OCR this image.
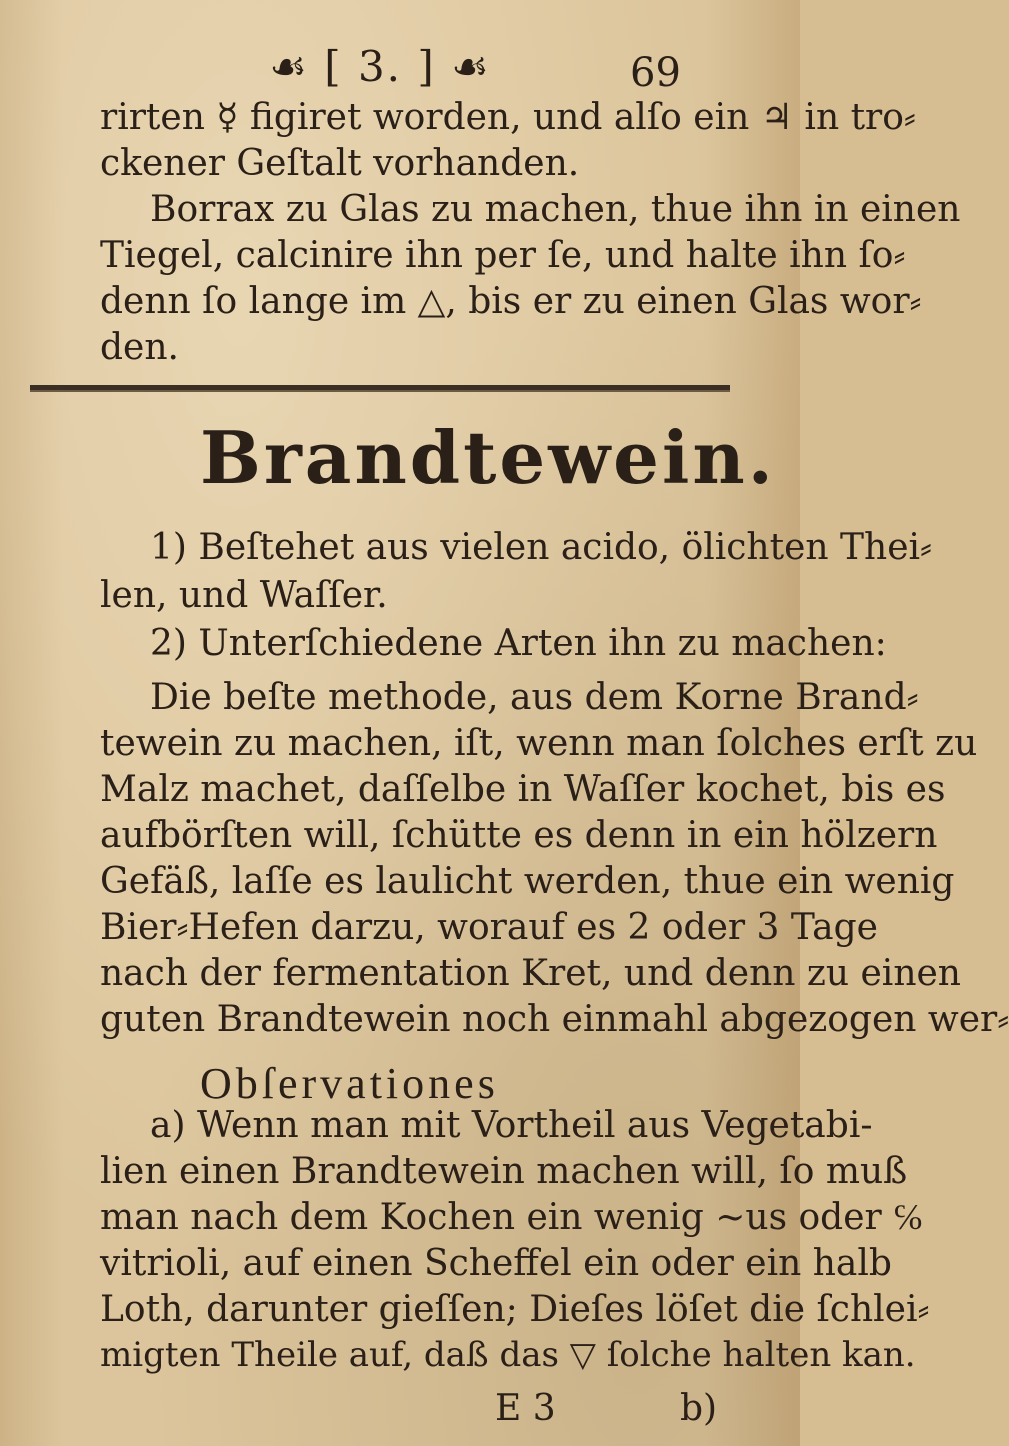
☙ [ 3. ] ☙	69
rirten ☿ figiret worden, und alſo ein ♃ in tro⸗
ckener Geſtalt vorhanden.
Borrax zu Glas zu machen, thue ihn in einen
Tiegel, calcinire ihn per ſe, und halte ihn ſo⸗
denn ſo lange im △, bis er zu einen Glas wor⸗
den.
Brandtewein.
1) Beſtehet aus vielen acido, ölichten Thei⸗
len, und Waſſer.
2) Unterſchiedene Arten ihn zu machen:
Die beſte methode, aus dem Korne Brand⸗
tewein zu machen, iſt, wenn man ſolches erſt zu
Malz machet, daſſelbe in Waſſer kochet, bis es
aufbörſten will, ſchütte es denn in ein hölzern
Gefäß, laſſe es laulicht werden, thue ein wenig
Bier⸗Hefen darzu, worauf es 2 oder 3 Tage
nach der fermentation Kret, und denn zu einen
Obſervationes
guten Brandtewein noch einmahl abgezogen wer⸗
a) Wenn man mit Vortheil aus Vegetabi-
lien einen Brandtewein machen will, ſo muß
man nach dem Kochen ein wenig ~us oder ℅
vitrioli, auf einen Scheffel ein oder ein halb
Loth, darunter gieſſen; Dieſes löſet die ſchlei⸗
migten Theile auf, daß das ▽ ſolche halten kan.
E 3	b)
